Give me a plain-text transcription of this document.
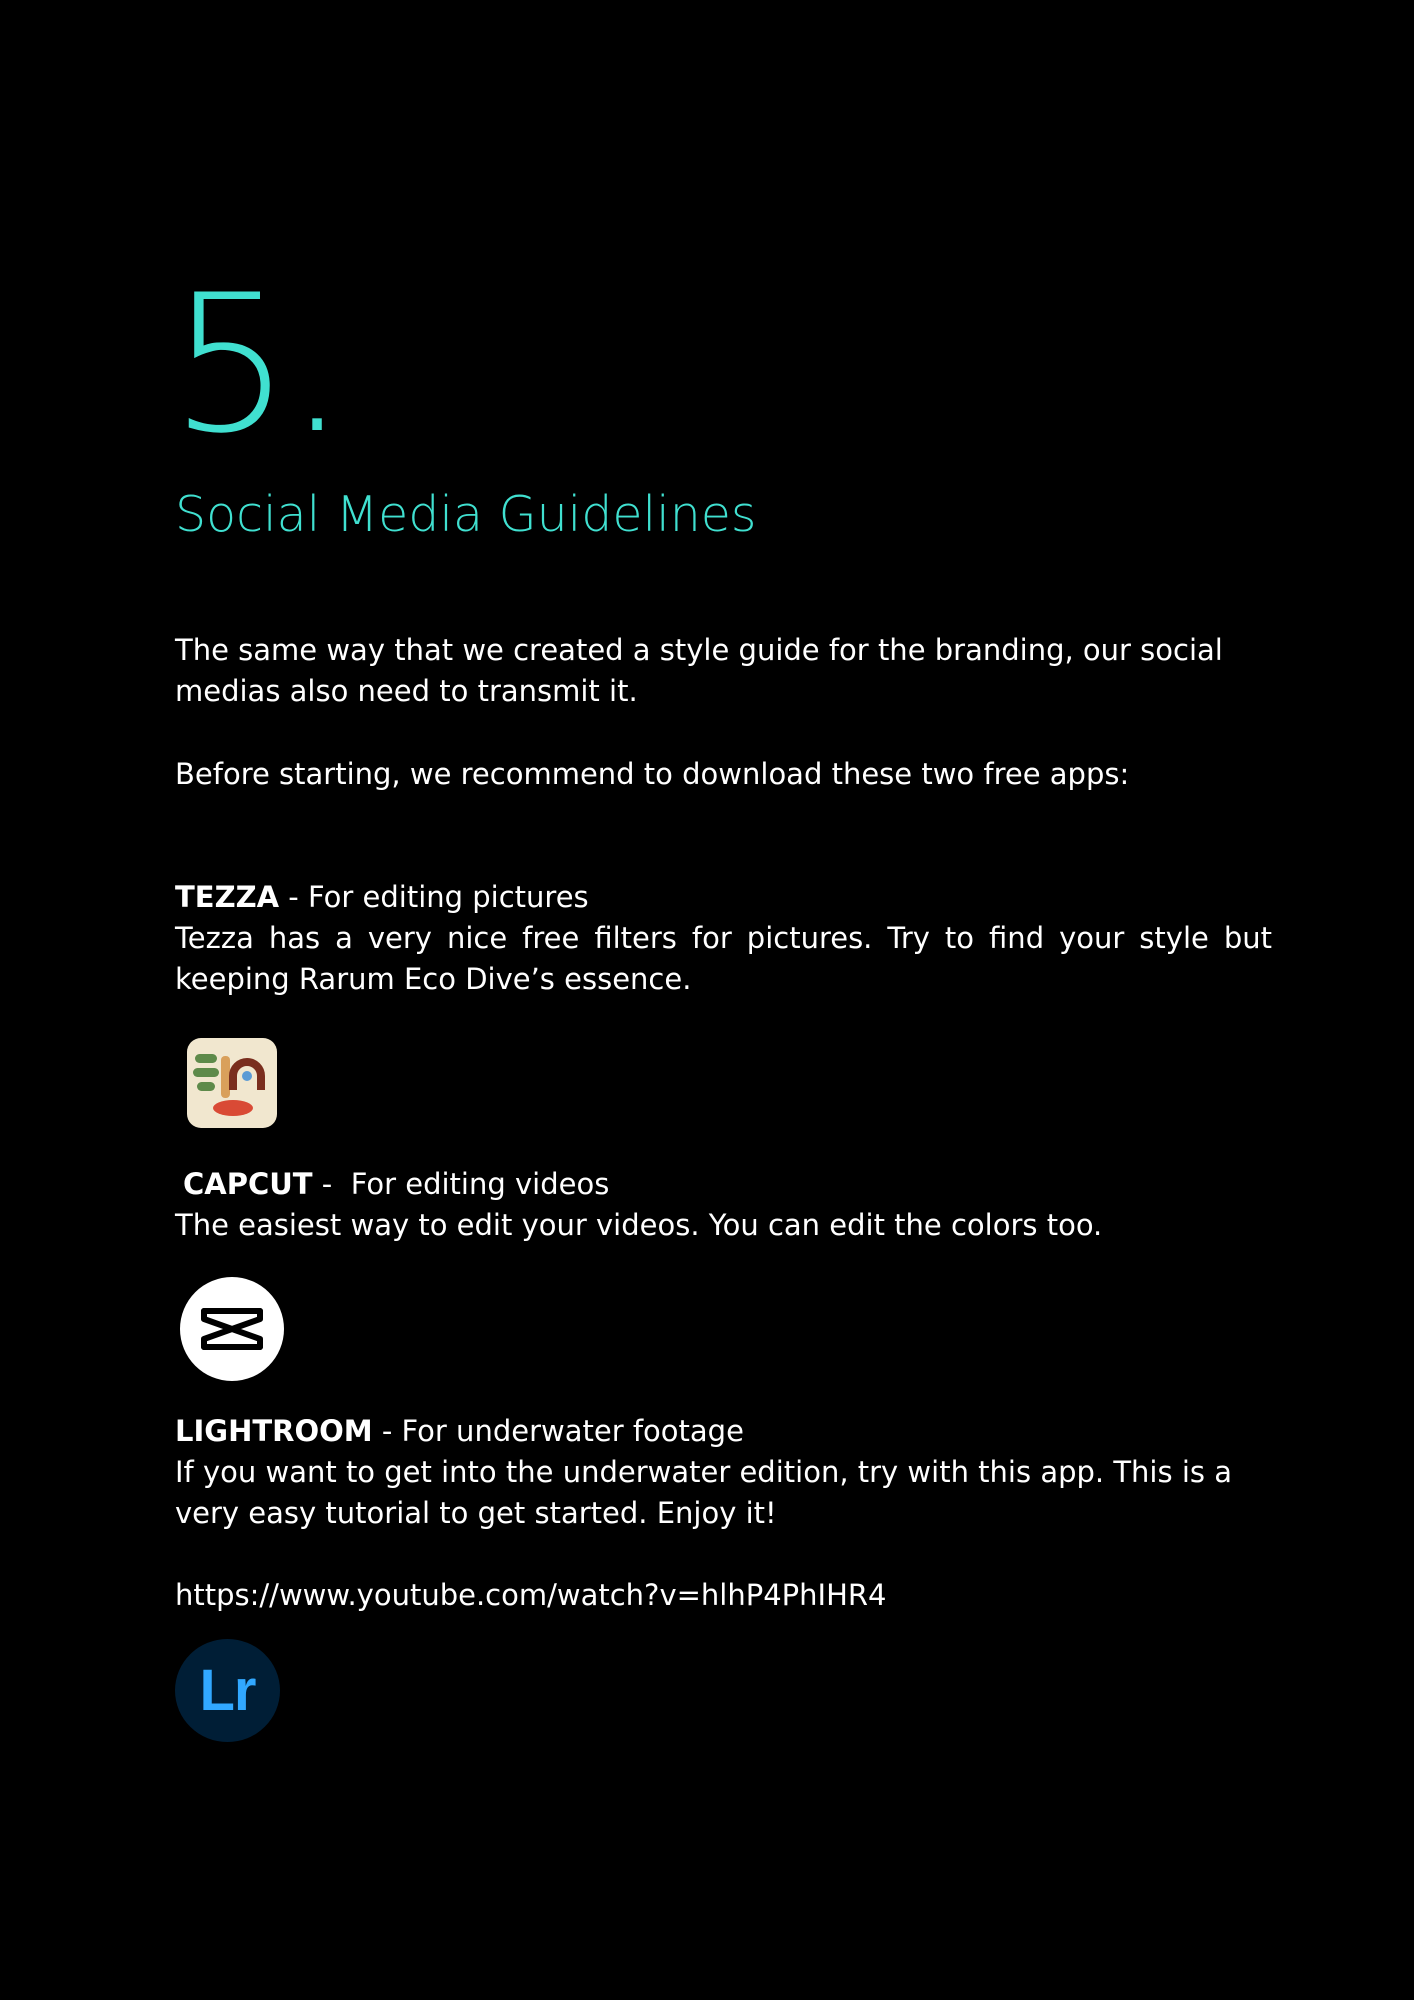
5.
Social Media Guidelines
The same way that we created a style guide for the branding, our social medias also need to transmit it.
Before starting, we recommend to download these two free apps:
TEZZA - For editing pictures
Tezza has a very nice free filters for pictures. Try to find your style but keeping Rarum Eco Dive’s essence.
CAPCUT -  For editing videos
The easiest way to edit your videos. You can edit the colors too.
LIGHTROOM - For underwater footage
If you want to get into the underwater edition, try with this app. This is a very easy tutorial to get started. Enjoy it!
https://www.youtube.com/watch?v=hlhP4PhIHR4
Lr
